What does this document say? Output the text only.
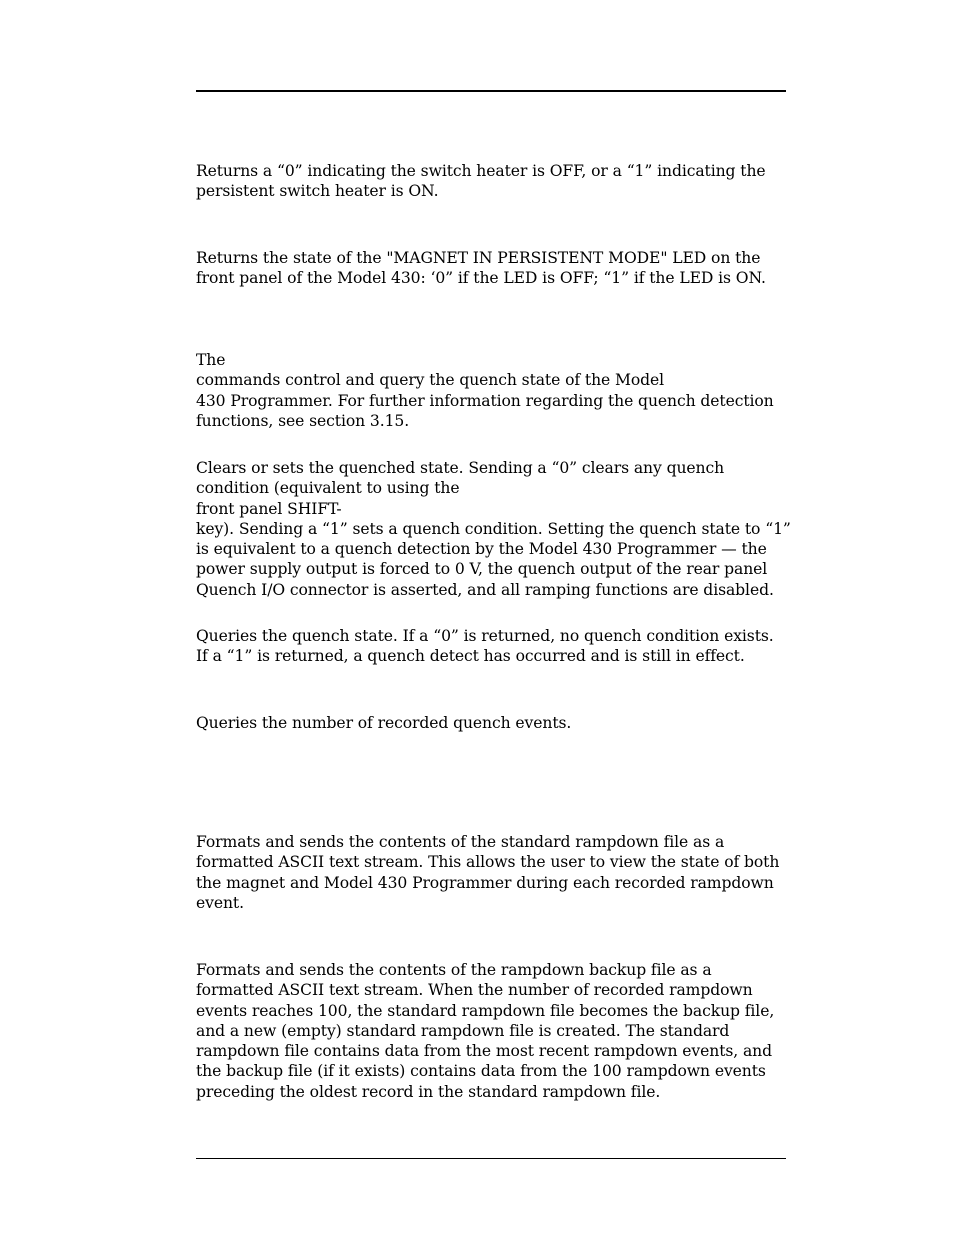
Returns a “0” indicating the switch heater is OFF, or a “1” indicating the
persistent switch heater is ON.

Returns the state of the "MAGNET IN PERSISTENT MODE" LED on the
front panel of the Model 430: ‘0” if the LED is OFF; “1” if the LED is ON.

The
commands control and query the quench state of the Model
430 Programmer. For further information regarding the quench detection
functions, see section 3.15.

Clears or sets the quenched state. Sending a “0” clears any quench
condition (equivalent to using the
front panel SHIFT-
key). Sending a “1” sets a quench condition. Setting the quench state to “1”
is equivalent to a quench detection by the Model 430 Programmer — the
power supply output is forced to 0 V, the quench output of the rear panel
Quench I/O connector is asserted, and all ramping functions are disabled.

Queries the quench state. If a “0” is returned, no quench condition exists.
If a “1” is returned, a quench detect has occurred and is still in effect.

Queries the number of recorded quench events.

Formats and sends the contents of the standard rampdown file as a
formatted ASCII text stream. This allows the user to view the state of both
the magnet and Model 430 Programmer during each recorded rampdown
event.

Formats and sends the contents of the rampdown backup file as a
formatted ASCII text stream. When the number of recorded rampdown
events reaches 100, the standard rampdown file becomes the backup file,
and a new (empty) standard rampdown file is created. The standard
rampdown file contains data from the most recent rampdown events, and
the backup file (if it exists) contains data from the 100 rampdown events
preceding the oldest record in the standard rampdown file.
